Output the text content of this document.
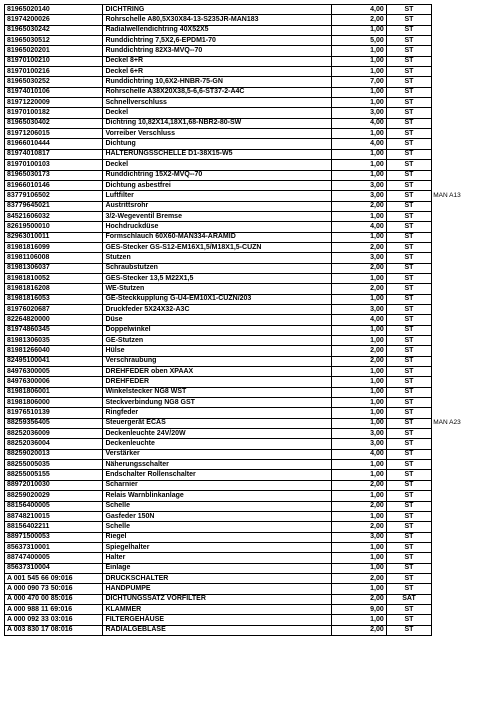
81965020140	DICHTRING	4,00	ST	
81974200026	Rohrschelle A80,5X30X84-13-S235JR-MAN183	2,00	ST	
81965030242	Radialwellendichtring 40X52X5	1,00	ST	
81965030512	Runddichtring 7,5X2,6-EPDM1-70	5,00	ST	
81965020201	Runddichtring 82X3-MVQ--70	1,00	ST	
81970100210	Deckel 8+R	1,00	ST	
81970100216	Deckel 6+R	1,00	ST	
81965030252	Runddichtring 10,6X2-HNBR-75-GN	7,00	ST	
81974010106	Rohrschelle A38X20X38,5-6,6-ST37-2-A4C	1,00	ST	
81971220009	Schnellverschluss	1,00	ST	
81970100182	Deckel	3,00	ST	
81965030402	Dichtring 10,82X14,18X1,68-NBR2-80-SW	4,00	ST	
81971206015	Vorreiber Verschluss	1,00	ST	
81966010444	Dichtung	4,00	ST	
81974010817	HALTERUNGSSCHELLE D1-38X15-W5	1,00	ST	
81970100103	Deckel	1,00	ST	
81965030173	Runddichtring 15X2-MVQ--70	1,00	ST	
81966010146	Dichtung asbestfrei	3,00	ST	
83779106502	Luftfilter	3,00	ST	MAN A13
83779645021	Austrittsrohr	2,00	ST	
84521606032	3/2-Wegeventil Bremse	1,00	ST	
82619500010	Hochdruckdüse	4,00	ST	
82963010011	Formschlauch 60X60-MAN334-ARAMID	1,00	ST	
81981816099	GES-Stecker GS-S12-EM16X1,5/M18X1,5-CUZN	2,00	ST	
81981106008	Stutzen	3,00	ST	
81981306037	Schraubstutzen	2,00	ST	
81981810052	GES-Stecker 13,5 M22X1,5	1,00	ST	
81981816208	WE-Stutzen	2,00	ST	
81981816053	GE-Steckkupplung G-U4-EM10X1-CUZN/203	1,00	ST	
81976020687	Druckfeder 5X24X32-A3C	3,00	ST	
82264820000	Düse	4,00	ST	
81974860345	Doppelwinkel	1,00	ST	
81981306035	GE-Stutzen	1,00	ST	
81981266040	Hülse	2,00	ST	
82495100041	Verschraubung	2,00	ST	
84976300005	DREHFEDER oben XPAAX	1,00	ST	
84976300006	DREHFEDER	1,00	ST	
81981806001	Winkelstecker NG8 WST	1,00	ST	
81981806000	Steckverbindung NG8 GST	1,00	ST	
81976510139	Ringfeder	1,00	ST	
88259356405	Steuergerät ECAS	1,00	ST	MAN A23
88252036009	Deckenleuchte 24V/20W	3,00	ST	
88252036004	Deckenleuchte	3,00	ST	
88259020013	Verstärker	4,00	ST	
88255005035	Näherungsschalter	1,00	ST	
88255005155	Endschalter Rollenschalter	1,00	ST	
88972010030	Scharnier	2,00	ST	
88259020029	Relais Warnblinkanlage	1,00	ST	
88156400005	Schelle	2,00	ST	
88748210015	Gasfeder 150N	1,00	ST	
88156402211	Schelle	2,00	ST	
88971500053	Riegel	3,00	ST	
85637310001	Spiegelhalter	1,00	ST	
88747400005	Halter	1,00	ST	
85637310004	Einlage	1,00	ST	
A 001 545 66 09:016	DRUCKSCHALTER	2,00	ST	
A 000 090 73 50:016	HANDPUMPE	1,00	ST	
A 000 470 00 85:016	DICHTUNGSSATZ VORFILTER	2,00	SAT	
A 000 988 11 69:016	KLAMMER	9,00	ST	
A 000 092 33 03:016	FILTERGEHÄUSE	1,00	ST	
A 003 830 17 08:016	RADIALGEBLÄSE	2,00	ST	
